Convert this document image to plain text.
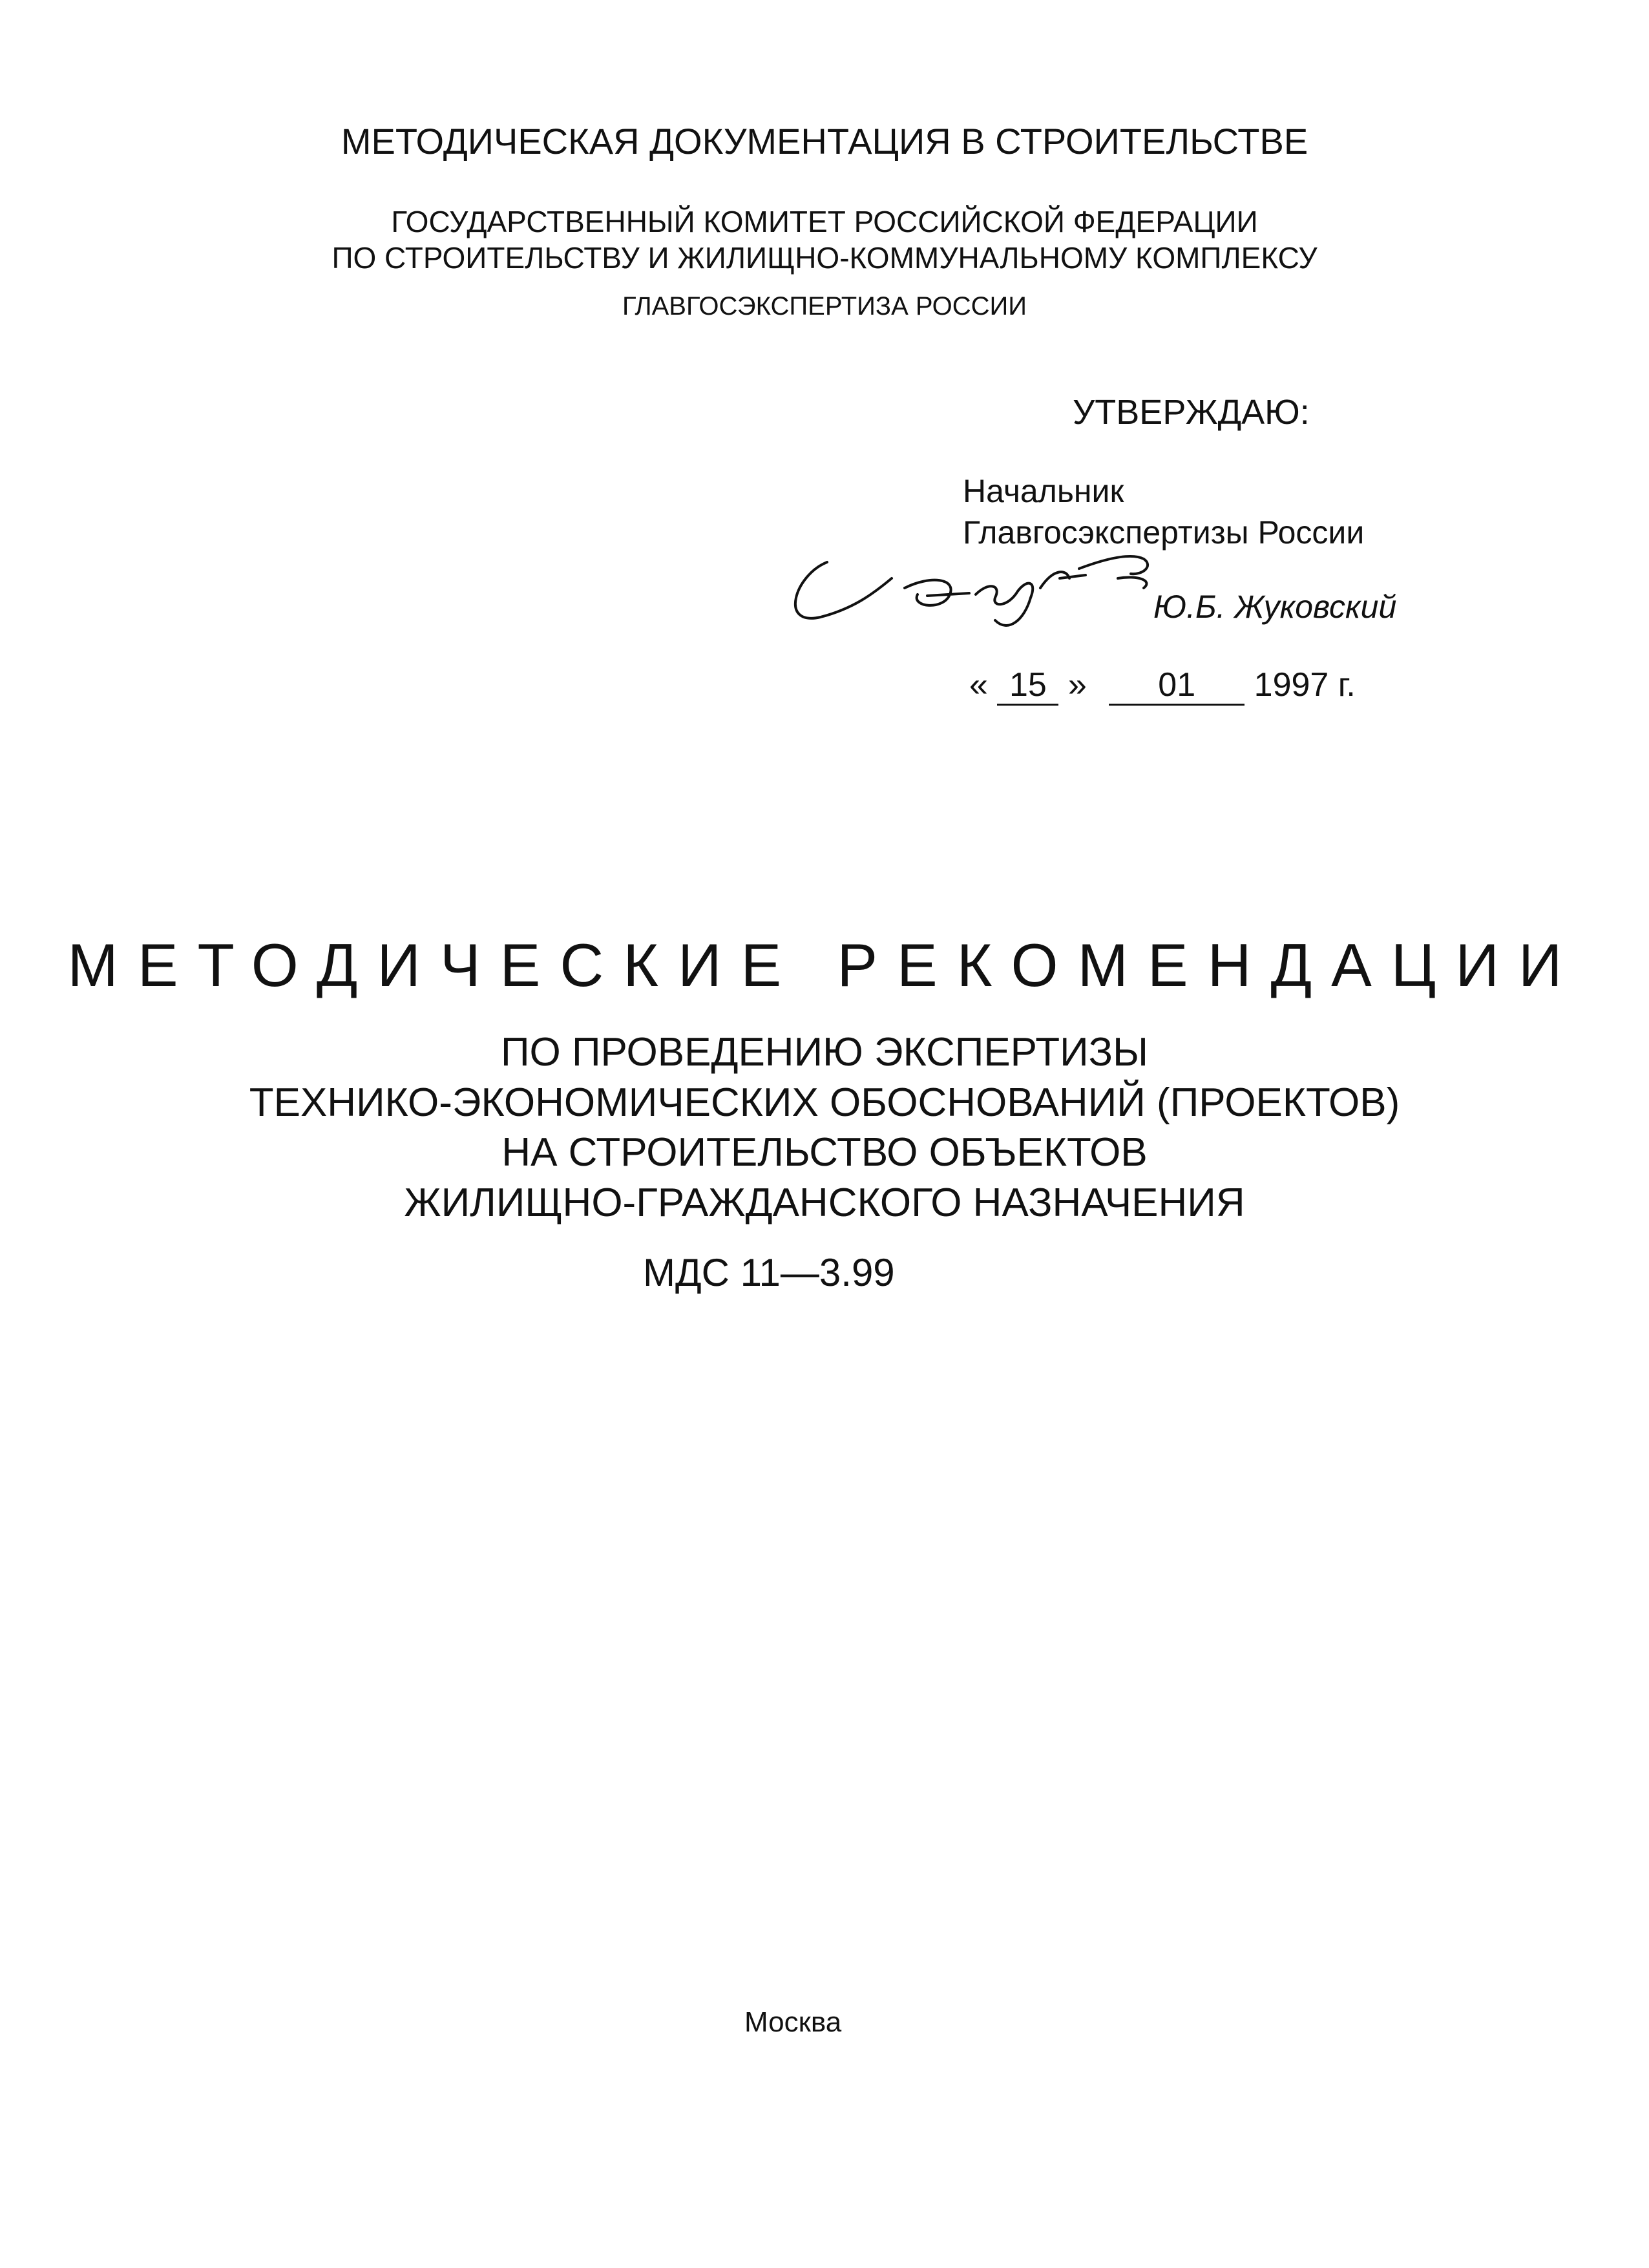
МЕТОДИЧЕСКАЯ ДОКУМЕНТАЦИЯ В СТРОИТЕЛЬСТВЕ
ГОСУДАРСТВЕННЫЙ КОМИТЕТ РОССИЙСКОЙ ФЕДЕРАЦИИ
ПО СТРОИТЕЛЬСТВУ И ЖИЛИЩНО-КОММУНАЛЬНОМУ КОМПЛЕКСУ
ГЛАВГОСЭКСПЕРТИЗА РОССИИ
УТВЕРЖДАЮ:
Начальник
Главгосэкспертизы России
Ю.Б. Жуковский
« 15 » 01 1997 г.
МЕТОДИЧЕСКИЕ РЕКОМЕНДАЦИИ
ПО ПРОВЕДЕНИЮ ЭКСПЕРТИЗЫ
ТЕХНИКО-ЭКОНОМИЧЕСКИХ ОБОСНОВАНИЙ (ПРОЕКТОВ)
НА СТРОИТЕЛЬСТВО ОБЪЕКТОВ
ЖИЛИЩНО-ГРАЖДАНСКОГО НАЗНАЧЕНИЯ
МДС 11—3.99
Москва
